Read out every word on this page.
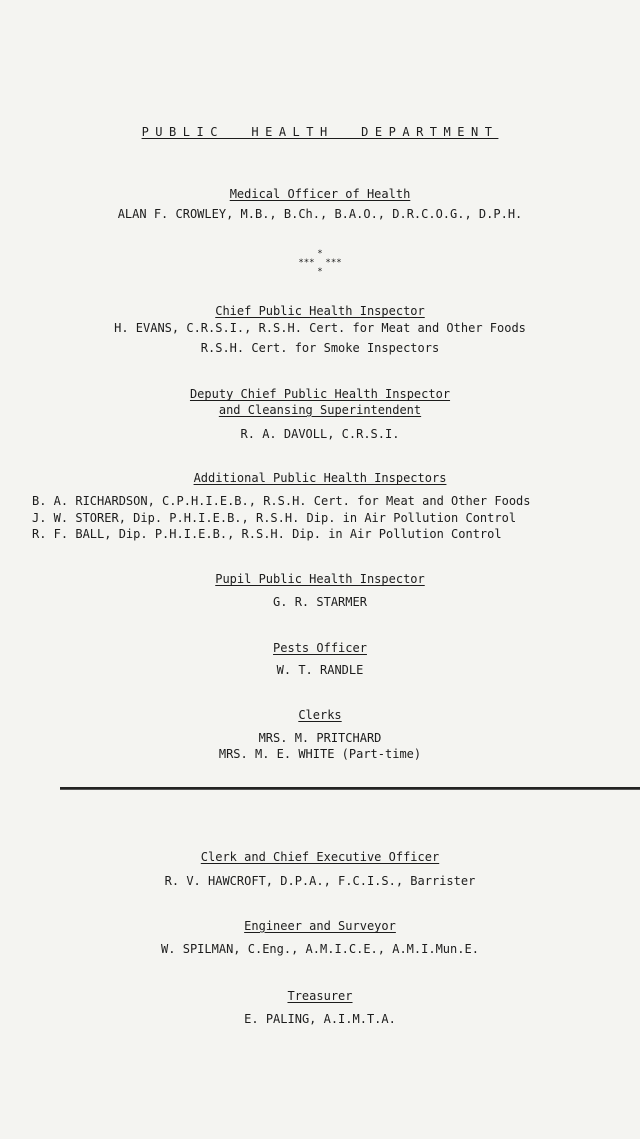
PUBLIC  HEALTH  DEPARTMENT
Medical Officer of Health
ALAN F. CROWLEY, M.B., B.Ch., B.A.O., D.R.C.O.G., D.P.H.
*
***  ***
*
Chief Public Health Inspector
H. EVANS, C.R.S.I., R.S.H. Cert. for Meat and Other Foods
R.S.H. Cert. for Smoke Inspectors
Deputy Chief Public Health Inspector
and Cleansing Superintendent
R. A. DAVOLL, C.R.S.I.
Additional Public Health Inspectors
B. A. RICHARDSON, C.P.H.I.E.B., R.S.H. Cert. for Meat and Other Foods
J. W. STORER, Dip. P.H.I.E.B., R.S.H. Dip. in Air Pollution Control
R. F. BALL, Dip. P.H.I.E.B., R.S.H. Dip. in Air Pollution Control
Pupil Public Health Inspector
G. R. STARMER
Pests Officer
W. T. RANDLE
Clerks
MRS. M. PRITCHARD
MRS. M. E. WHITE (Part-time)
Clerk and Chief Executive Officer
R. V. HAWCROFT, D.P.A., F.C.I.S., Barrister
Engineer and Surveyor
W. SPILMAN, C.Eng., A.M.I.C.E., A.M.I.Mun.E.
Treasurer
E. PALING, A.I.M.T.A.
